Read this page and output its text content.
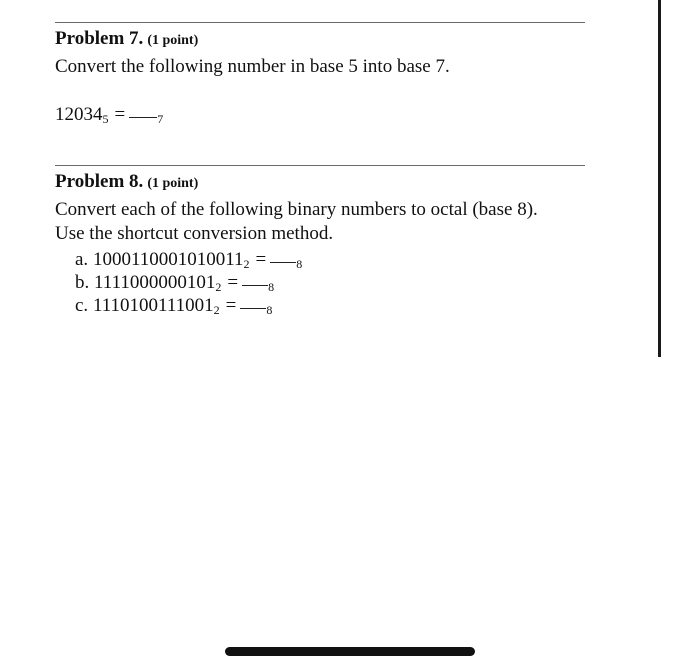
Problem 7. (1 point)
Convert the following number in base 5 into base 7.
$12034_5$ =	$_7$
Problem 8. (1 point)
Convert each of the following binary numbers to octal (base 8).
Use the shortcut conversion method.
a. $1000110001010011_2$ =	$_8$
b. $1111000000101_2$ =	$_8$
c. $1110100111001_2$ =	$_8$
